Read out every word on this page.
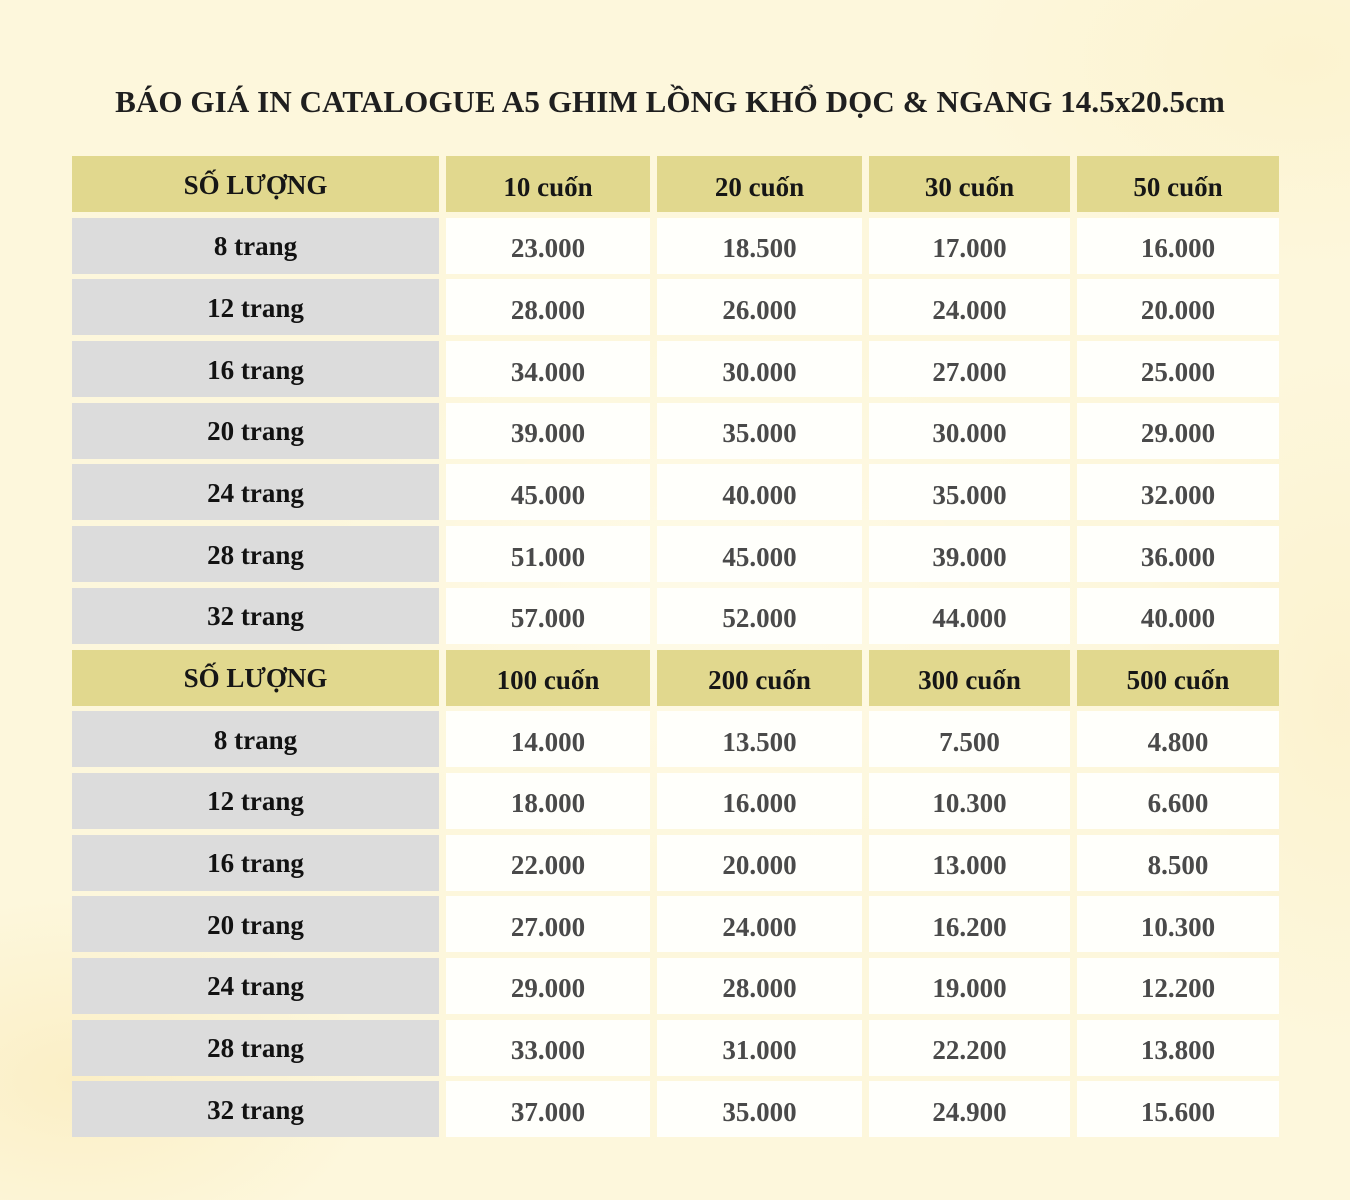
BÁO GIÁ IN CATALOGUE A5 GHIM LỒNG KHỔ DỌC & NGANG 14.5x20.5cm
SỐ LƯỢNG	10 cuốn	20 cuốn	30 cuốn	50 cuốn
8 trang	23.000	18.500	17.000	16.000
12 trang	28.000	26.000	24.000	20.000
16 trang	34.000	30.000	27.000	25.000
20 trang	39.000	35.000	30.000	29.000
24 trang	45.000	40.000	35.000	32.000
28 trang	51.000	45.000	39.000	36.000
32 trang	57.000	52.000	44.000	40.000
SỐ LƯỢNG	100 cuốn	200 cuốn	300 cuốn	500 cuốn
8 trang	14.000	13.500	7.500	4.800
12 trang	18.000	16.000	10.300	6.600
16 trang	22.000	20.000	13.000	8.500
20 trang	27.000	24.000	16.200	10.300
24 trang	29.000	28.000	19.000	12.200
28 trang	33.000	31.000	22.200	13.800
32 trang	37.000	35.000	24.900	15.600
